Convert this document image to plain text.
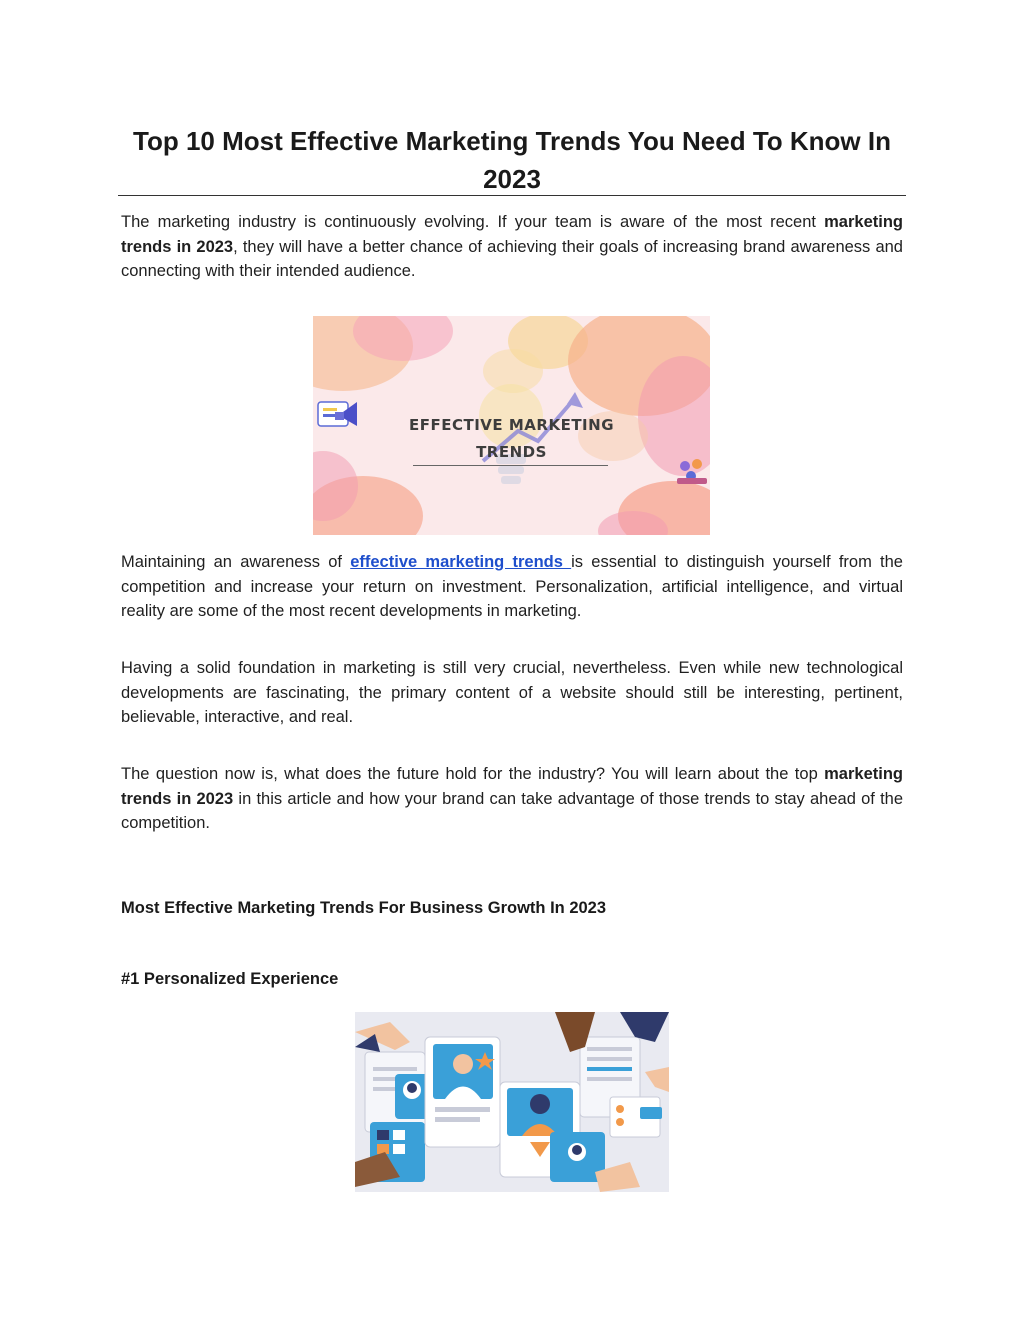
Top 10 Most Effective Marketing Trends You Need To Know In 2023

The marketing industry is continuously evolving. If your team is aware of the most recent marketing trends in 2023, they will have a better chance of achieving their goals of increasing brand awareness and connecting with their intended audience.

EFFECTIVE MARKETING
TRENDS

Maintaining an awareness of effective marketing trends is essential to distinguish yourself from the competition and increase your return on investment. Personalization, artificial intelligence, and virtual reality are some of the most recent developments in marketing.

Having a solid foundation in marketing is still very crucial, nevertheless. Even while new technological developments are fascinating, the primary content of a website should still be interesting, pertinent, believable, interactive, and real.

The question now is, what does the future hold for the industry? You will learn about the top marketing trends in 2023 in this article and how your brand can take advantage of those trends to stay ahead of the competition.

Most Effective Marketing Trends For Business Growth In 2023
#1 Personalized Experience
